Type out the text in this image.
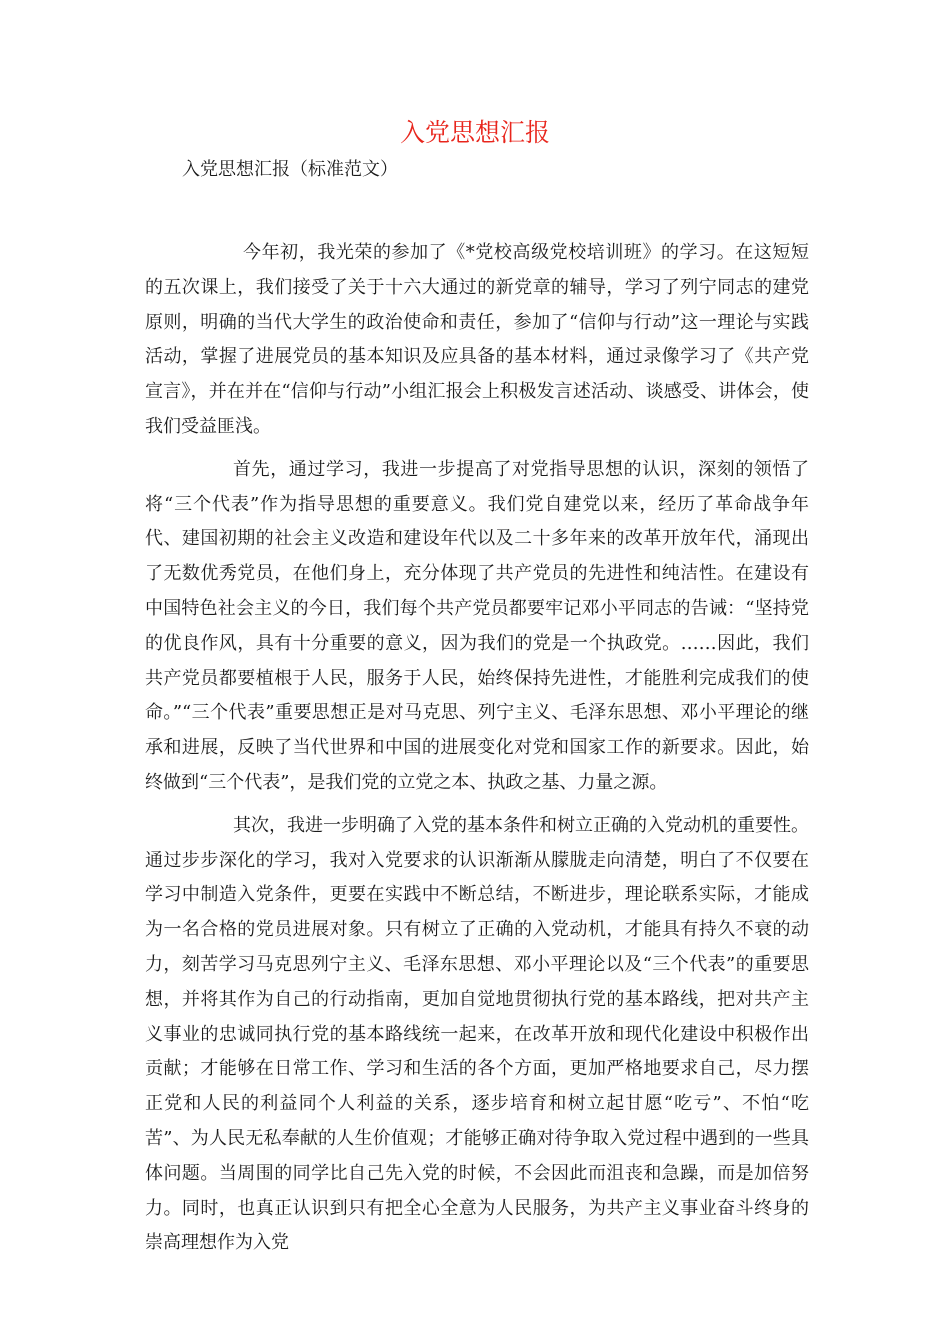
入党思想汇报

入党思想汇报（标准范文）

今年初，我光荣的参加了《*党校高级党校培训班》的学习。在这短短的五次课上，我们接受了关于十六大通过的新党章的辅导，学习了列宁同志的建党原则，明确的当代大学生的政治使命和责任，参加了“信仰与行动”这一理论与实践活动，掌握了进展党员的基本知识及应具备的基本材料，通过录像学习了《共产党宣言》，并在并在“信仰与行动”小组汇报会上积极发言述活动、谈感受、讲体会，使我们受益匪浅。

首先，通过学习，我进一步提高了对党指导思想的认识，深刻的领悟了将“三个代表”作为指导思想的重要意义。我们党自建党以来，经历了革命战争年代、建国初期的社会主义改造和建设年代以及二十多年来的改革开放年代，涌现出了无数优秀党员，在他们身上，充分体现了共产党员的先进性和纯洁性。在建设有中国特色社会主义的今日，我们每个共产党员都要牢记邓小平同志的告诫：“坚持党的优良作风，具有十分重要的意义，因为我们的党是一个执政党。……因此，我们共产党员都要植根于人民，服务于人民，始终保持先进性，才能胜利完成我们的使命。”“三个代表”重要思想正是对马克思、列宁主义、毛泽东思想、邓小平理论的继承和进展，反映了当代世界和中国的进展变化对党和国家工作的新要求。因此，始终做到“三个代表”，是我们党的立党之本、执政之基、力量之源。

其次，我进一步明确了入党的基本条件和树立正确的入党动机的重要性。通过步步深化的学习，我对入党要求的认识渐渐从朦胧走向清楚，明白了不仅要在学习中制造入党条件，更要在实践中不断总结，不断进步，理论联系实际，才能成为一名合格的党员进展对象。只有树立了正确的入党动机，才能具有持久不衰的动力，刻苦学习马克思列宁主义、毛泽东思想、邓小平理论以及“三个代表”的重要思想，并将其作为自己的行动指南，更加自觉地贯彻执行党的基本路线，把对共产主义事业的忠诚同执行党的基本路线统一起来，在改革开放和现代化建设中积极作出贡献；才能够在日常工作、学习和生活的各个方面，更加严格地要求自己，尽力摆正党和人民的利益同个人利益的关系，逐步培育和树立起甘愿“吃亏”、不怕“吃苦”、为人民无私奉献的人生价值观；才能够正确对待争取入党过程中遇到的一些具体问题。当周围的同学比自己先入党的时候，不会因此而沮丧和急躁，而是加倍努力。同时，也真正认识到只有把全心全意为人民服务，为共产主义事业奋斗终身的崇高理想作为入党
